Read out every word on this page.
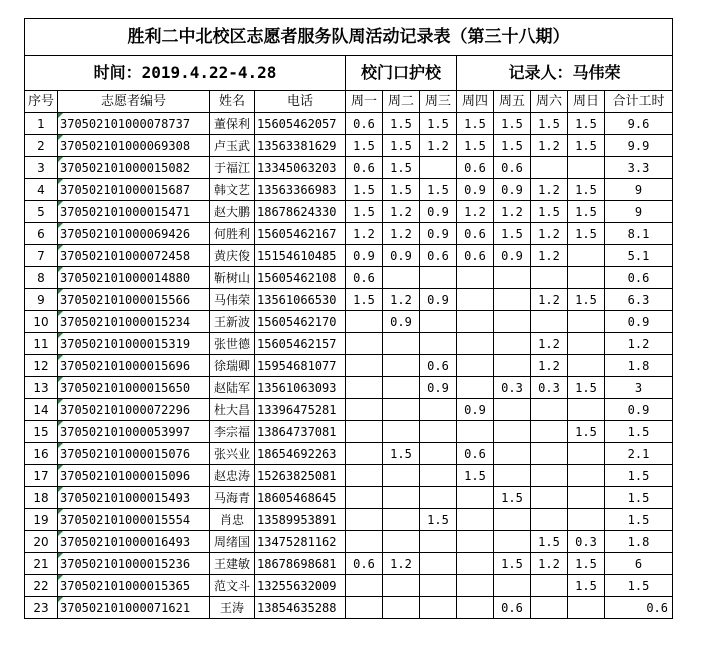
胜利二中北校区志愿者服务队周活动记录表（第三十八期）											
时间：2019.4.22-4.28				校门口护校			记录人：马伟荣				
序号	志愿者编号	姓名	电话	周一	周二	周三	周四	周五	周六	周日	合计工时
1	370502101000078737	董保利	15605462057	0.6	1.5	1.5	1.5	1.5	1.5	1.5	9.6
2	370502101000069308	卢玉武	13563381629	1.5	1.5	1.2	1.5	1.5	1.2	1.5	9.9
3	370502101000015082	于福江	13345063203	0.6	1.5		0.6	0.6			3.3
4	370502101000015687	韩文艺	13563366983	1.5	1.5	1.5	0.9	0.9	1.2	1.5	9
5	370502101000015471	赵大鹏	18678624330	1.5	1.2	0.9	1.2	1.2	1.5	1.5	9
6	370502101000069426	何胜利	15605462167	1.2	1.2	0.9	0.6	1.5	1.2	1.5	8.1
7	370502101000072458	黄庆俊	15154610485	0.9	0.9	0.6	0.6	0.9	1.2		5.1
8	370502101000014880	靳树山	15605462108	0.6							0.6
9	370502101000015566	马伟荣	13561066530	1.5	1.2	0.9			1.2	1.5	6.3
10	370502101000015234	王新波	15605462170		0.9						0.9
11	370502101000015319	张世德	15605462157						1.2		1.2
12	370502101000015696	徐瑞卿	15954681077			0.6			1.2		1.8
13	370502101000015650	赵陆军	13561063093			0.9		0.3	0.3	1.5	3
14	370502101000072296	杜大昌	13396475281				0.9				0.9
15	370502101000053997	李宗福	13864737081							1.5	1.5
16	370502101000015076	张兴业	18654692263		1.5		0.6				2.1
17	370502101000015096	赵忠涛	15263825081				1.5				1.5
18	370502101000015493	马海青	18605468645					1.5			1.5
19	370502101000015554	肖忠	13589953891			1.5					1.5
20	370502101000016493	周绪国	13475281162						1.5	0.3	1.8
21	370502101000015236	王建敏	18678698681	0.6	1.2			1.5	1.2	1.5	6
22	370502101000015365	范文斗	13255632009							1.5	1.5
23	370502101000071621	王涛	13854635288					0.6			0.6
